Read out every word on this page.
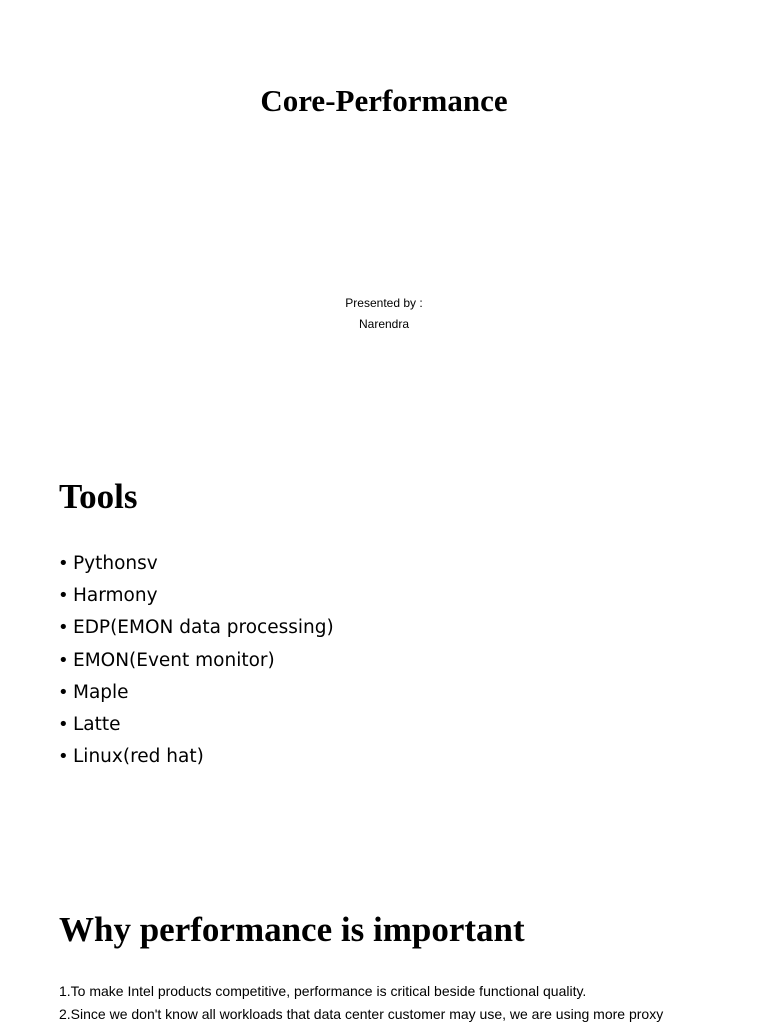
Core-Performance
Presented by :
Narendra
Tools
• Pythonsv
• Harmony
• EDP(EMON data processing)
• EMON(Event monitor)
• Maple
• Latte
• Linux(red hat)
Why performance is important

1.To make Intel products competitive, performance is critical beside functional quality.

2.Since we don't know all workloads that data center customer may use, we are using more proxy
